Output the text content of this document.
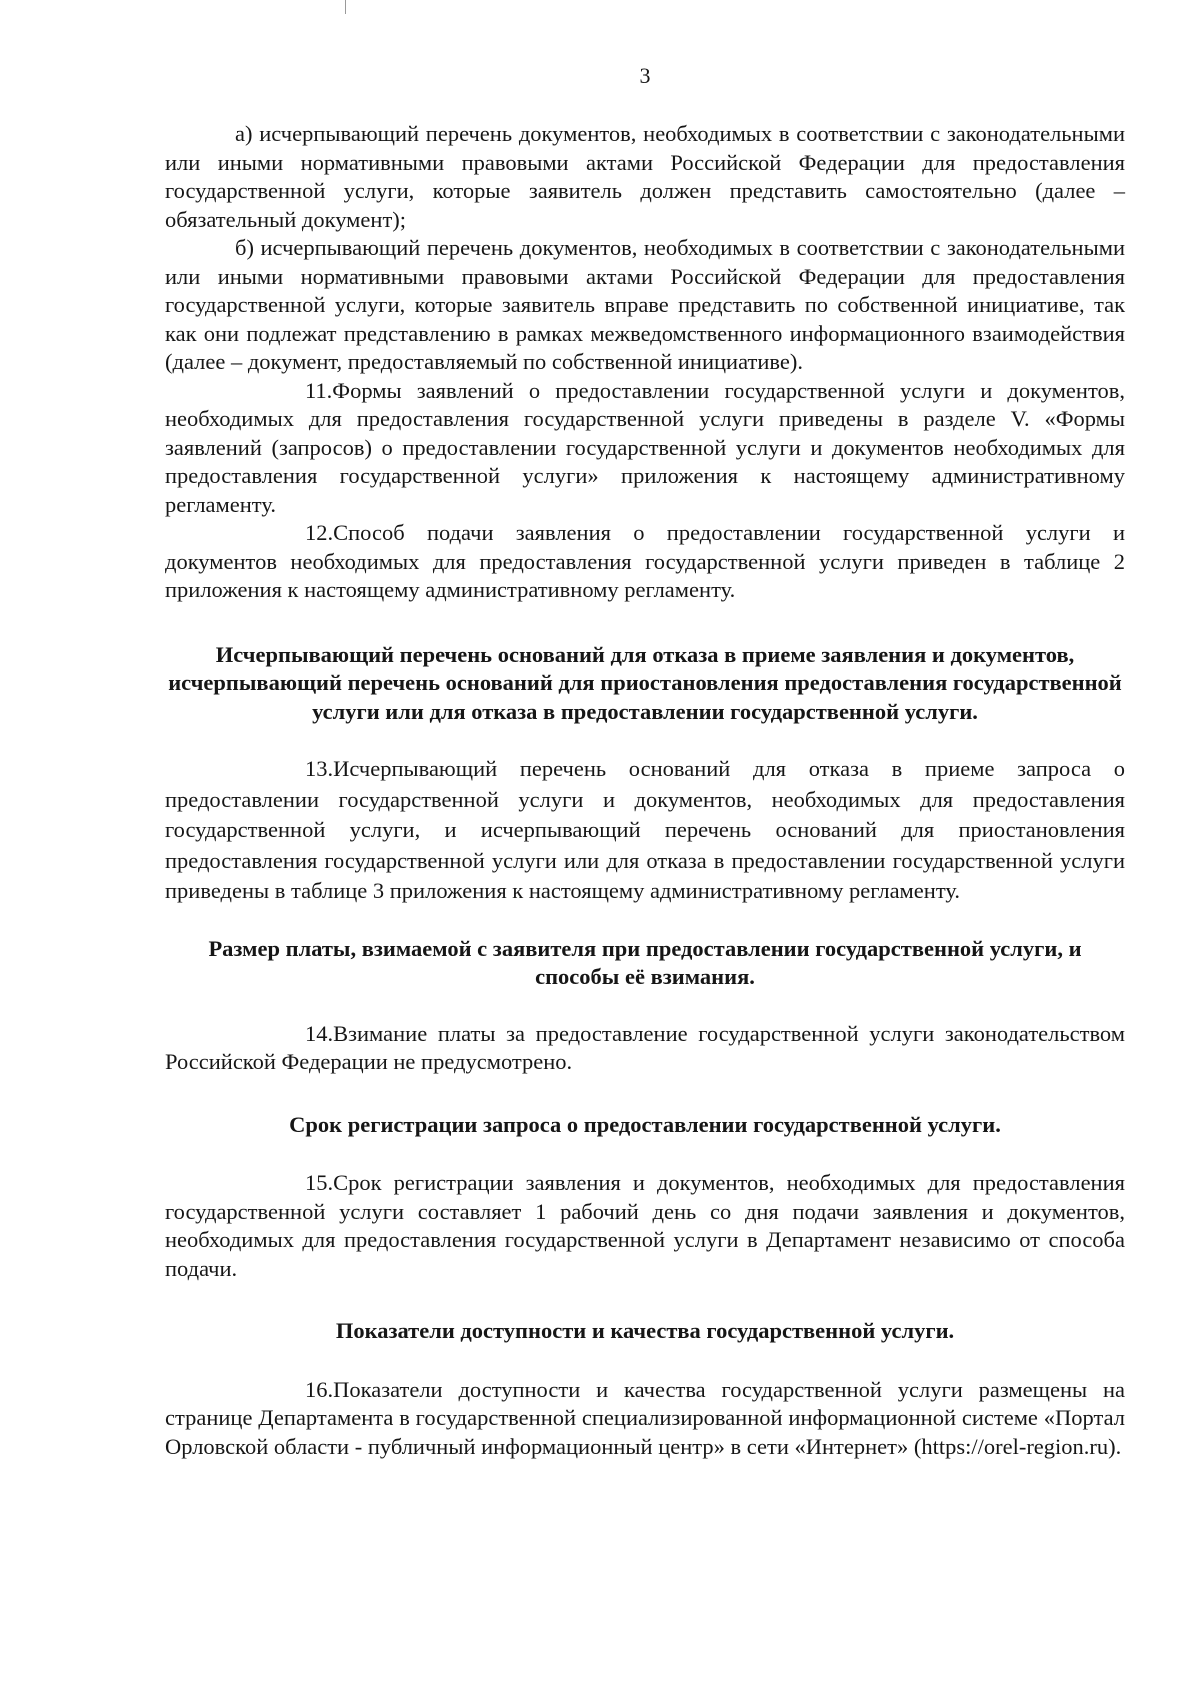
3

а) исчерпывающий перечень документов, необходимых в соответствии с законодательными или иными нормативными правовыми актами Российской Федерации для предоставления государственной услуги, которые заявитель должен представить самостоятельно (далее – обязательный документ);

б) исчерпывающий перечень документов, необходимых в соответствии с законодательными или иными нормативными правовыми актами Российской Федерации для предоставления государственной услуги, которые заявитель вправе представить по собственной инициативе, так как они подлежат представлению в рамках межведомственного информационного взаимодействия (далее – документ, предоставляемый по собственной инициативе).

11.Формы заявлений о предоставлении государственной услуги и документов, необходимых для предоставления государственной услуги приведены в разделе V. «Формы заявлений (запросов) о предоставлении государственной услуги и документов необходимых для предоставления государственной услуги» приложения к настоящему административному регламенту.

12.Способ подачи заявления о предоставлении государственной услуги и документов необходимых для предоставления государственной услуги приведен в таблице 2 приложения к настоящему административному регламенту.

Исчерпывающий перечень оснований для отказа в приеме заявления и документов, исчерпывающий перечень оснований для приостановления предоставления государственной услуги или для отказа в предоставлении государственной услуги.

13.Исчерпывающий перечень оснований для отказа в приеме запроса о предоставлении государственной услуги и документов, необходимых для предоставления государственной услуги, и исчерпывающий перечень оснований для приостановления предоставления государственной услуги или для отказа в предоставлении государственной услуги приведены в таблице 3 приложения к настоящему административному регламенту.

Размер платы, взимаемой с заявителя при предоставлении государственной услуги, и способы её взимания.

14.Взимание платы за предоставление государственной услуги законодательством Российской Федерации не предусмотрено.

Срок регистрации запроса о предоставлении государственной услуги.

15.Срок регистрации заявления и документов, необходимых для предоставления государственной услуги составляет 1 рабочий день со дня подачи заявления и документов, необходимых для предоставления государственной услуги в Департамент независимо от способа подачи.

Показатели доступности и качества государственной услуги.

16.Показатели доступности и качества государственной услуги размещены на странице Департамента в государственной специализированной информационной системе «Портал Орловской области - публичный информационный центр» в сети «Интернет» (https://orel-region.ru).
